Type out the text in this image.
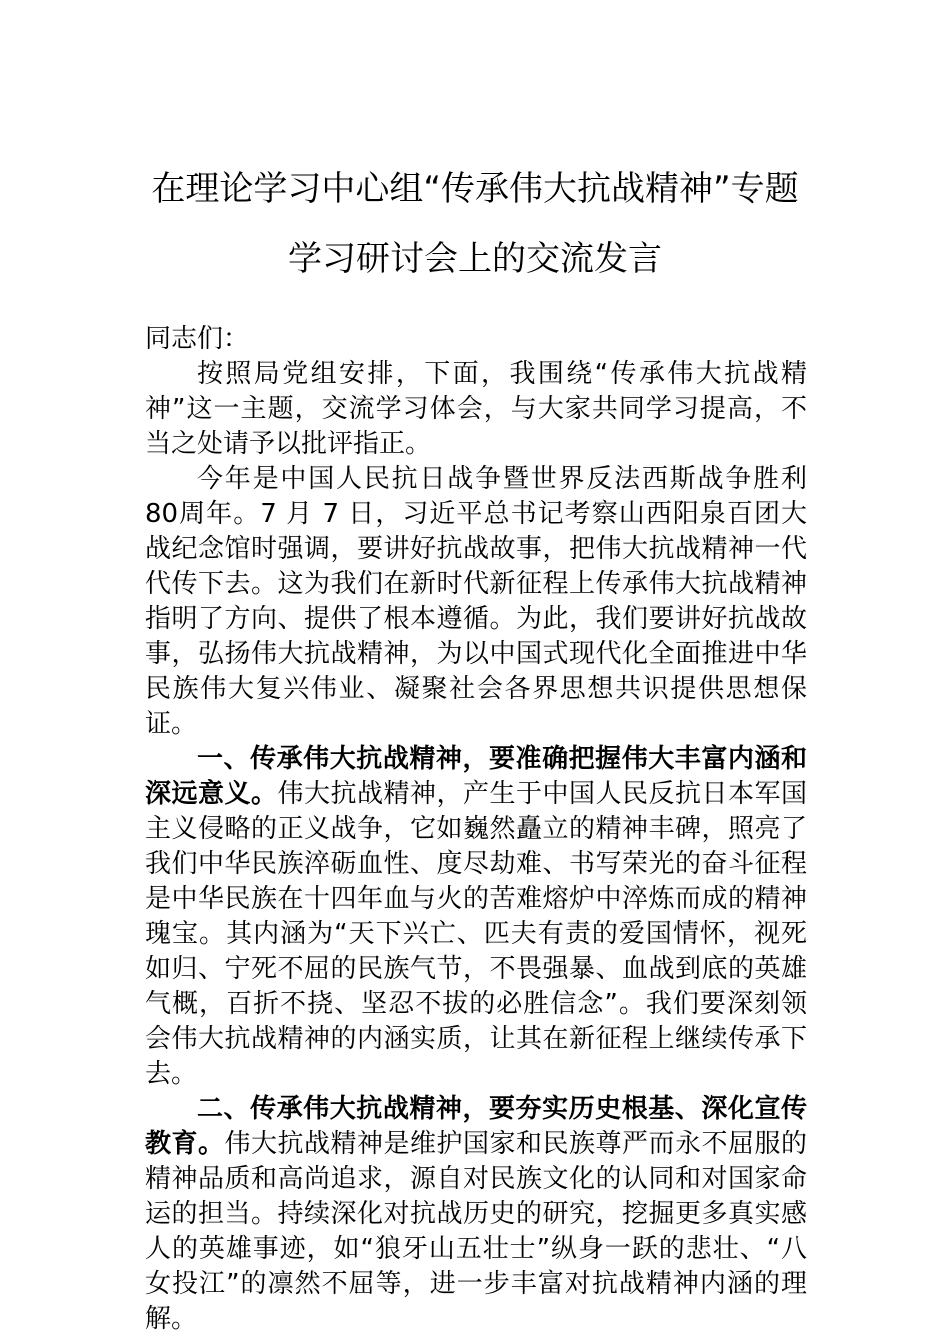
在理论学习中心组“传承伟大抗战精神”专题
学习研讨会上的交流发言

同志们：

按照局党组安排，下面，我围绕“传承伟大抗战精神”这一主题，交流学习体会，与大家共同学习提高，不当之处请予以批评指正。

今年是中国人民抗日战争暨世界反法西斯战争胜利 80周年。7 月 7 日，习近平总书记考察山西阳泉百团大战纪念馆时强调，要讲好抗战故事，把伟大抗战精神一代代传下去。这为我们在新时代新征程上传承伟大抗战精神指明了方向、提供了根本遵循。为此，我们要讲好抗战故事，弘扬伟大抗战精神，为以中国式现代化全面推进中华民族伟大复兴伟业、凝聚社会各界思想共识提供思想保证。

一、传承伟大抗战精神，要准确把握伟大丰富内涵和深远意义。伟大抗战精神，产生于中国人民反抗日本军国主义侵略的正义战争，它如巍然矗立的精神丰碑，照亮了我们中华民族淬砺血性、度尽劫难、书写荣光的奋斗征程是中华民族在十四年血与火的苦难熔炉中淬炼而成的精神瑰宝。其内涵为“天下兴亡、匹夫有责的爱国情怀，视死如归、宁死不屈的民族气节，不畏强暴、血战到底的英雄气概，百折不挠、坚忍不拔的必胜信念”。我们要深刻领会伟大抗战精神的内涵实质，让其在新征程上继续传承下去。

二、传承伟大抗战精神，要夯实历史根基、深化宣传教育。伟大抗战精神是维护国家和民族尊严而永不屈服的精神品质和高尚追求，源自对民族文化的认同和对国家命运的担当。持续深化对抗战历史的研究，挖掘更多真实感人的英雄事迹，如“狼牙山五壮士”纵身一跃的悲壮、“八女投江”的凛然不屈等，进一步丰富对抗战精神内涵的理解。
